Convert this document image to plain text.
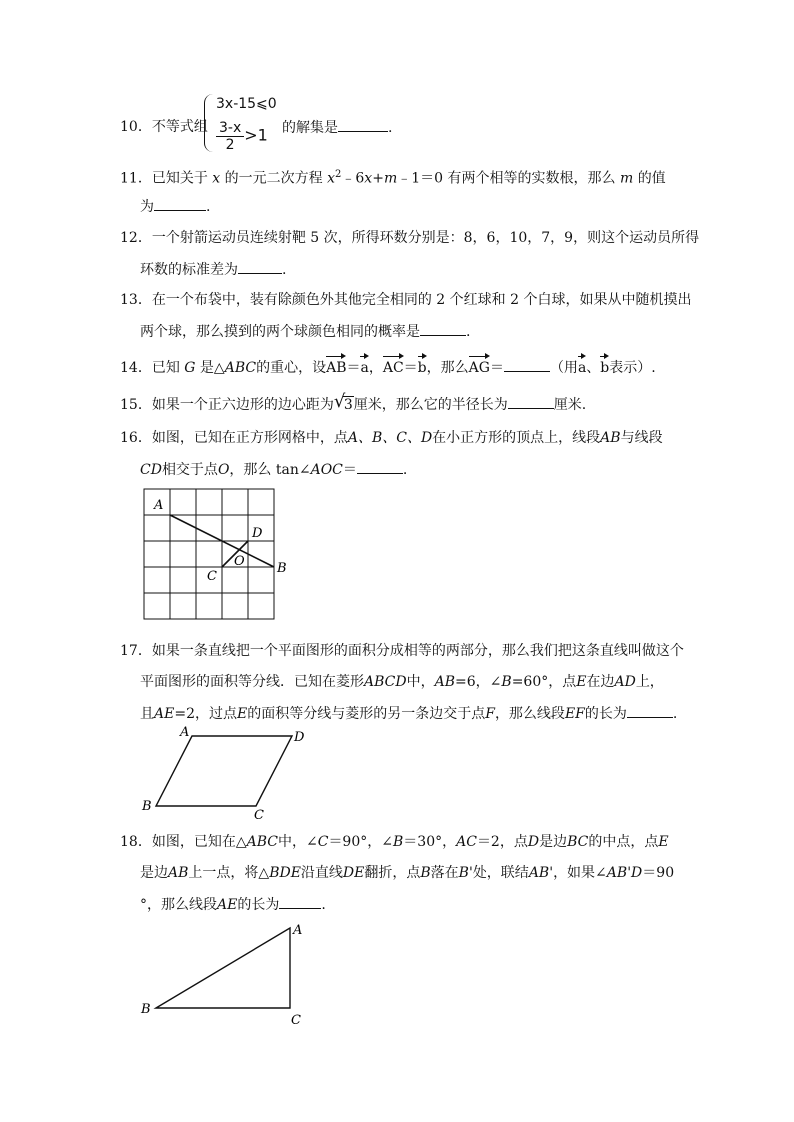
10．不等式组
3x-15⩽0
$\frac{3-x}{2} >1$ 的解集是	.
11．已知关于 x 的一元二次方程 $x^2﹣6x+m﹣1=0$ 有两个相等的实数根，那么 m 的值
为	.
12．一个射箭运动员连续射靶 5 次，所得环数分别是：8，6，10，7，9，则这个运动员所得
环数的标准差为	.
13．在一个布袋中，装有除颜色外其他完全相同的 2 个红球和 2 个白球，如果从中随机摸出
两个球，那么摸到的两个球颜色相同的概率是	.
14．已知 G 是△ABC的重心，设AB＝a，AC＝b，那么AG＝	（用a、b表示）.
15．如果一个正六边形的边心距为 √
3厘米，那么它的半径长为	厘米.
16．如图，已知在正方形网格中，点A、B、C、D在小正方形的顶点上，线段AB与线段
CD相交于点O，那么 tan∠AOC＝	.
A
B
C
D
O
17．如果一条直线把一个平面图形的面积分成相等的两部分，那么我们把这条直线叫做这个
平面图形的面积等分线．已知在菱形ABCD中，AB=6，∠B=60°，点E在边AD上，
且AE=2，过点E的面积等分线与菱形的另一条边交于点F，那么线段EF的长为	.
A	D
B
C
18．如图，已知在△ABC中，∠C＝90°，∠B＝30°，AC＝2，点D是边BC的中点，点E
是边AB上一点，将△BDE沿直线DE翻折，点B落在B'处，联结AB'，如果∠AB'D＝90
°，那么线段AE的长为	.
A
B
C
